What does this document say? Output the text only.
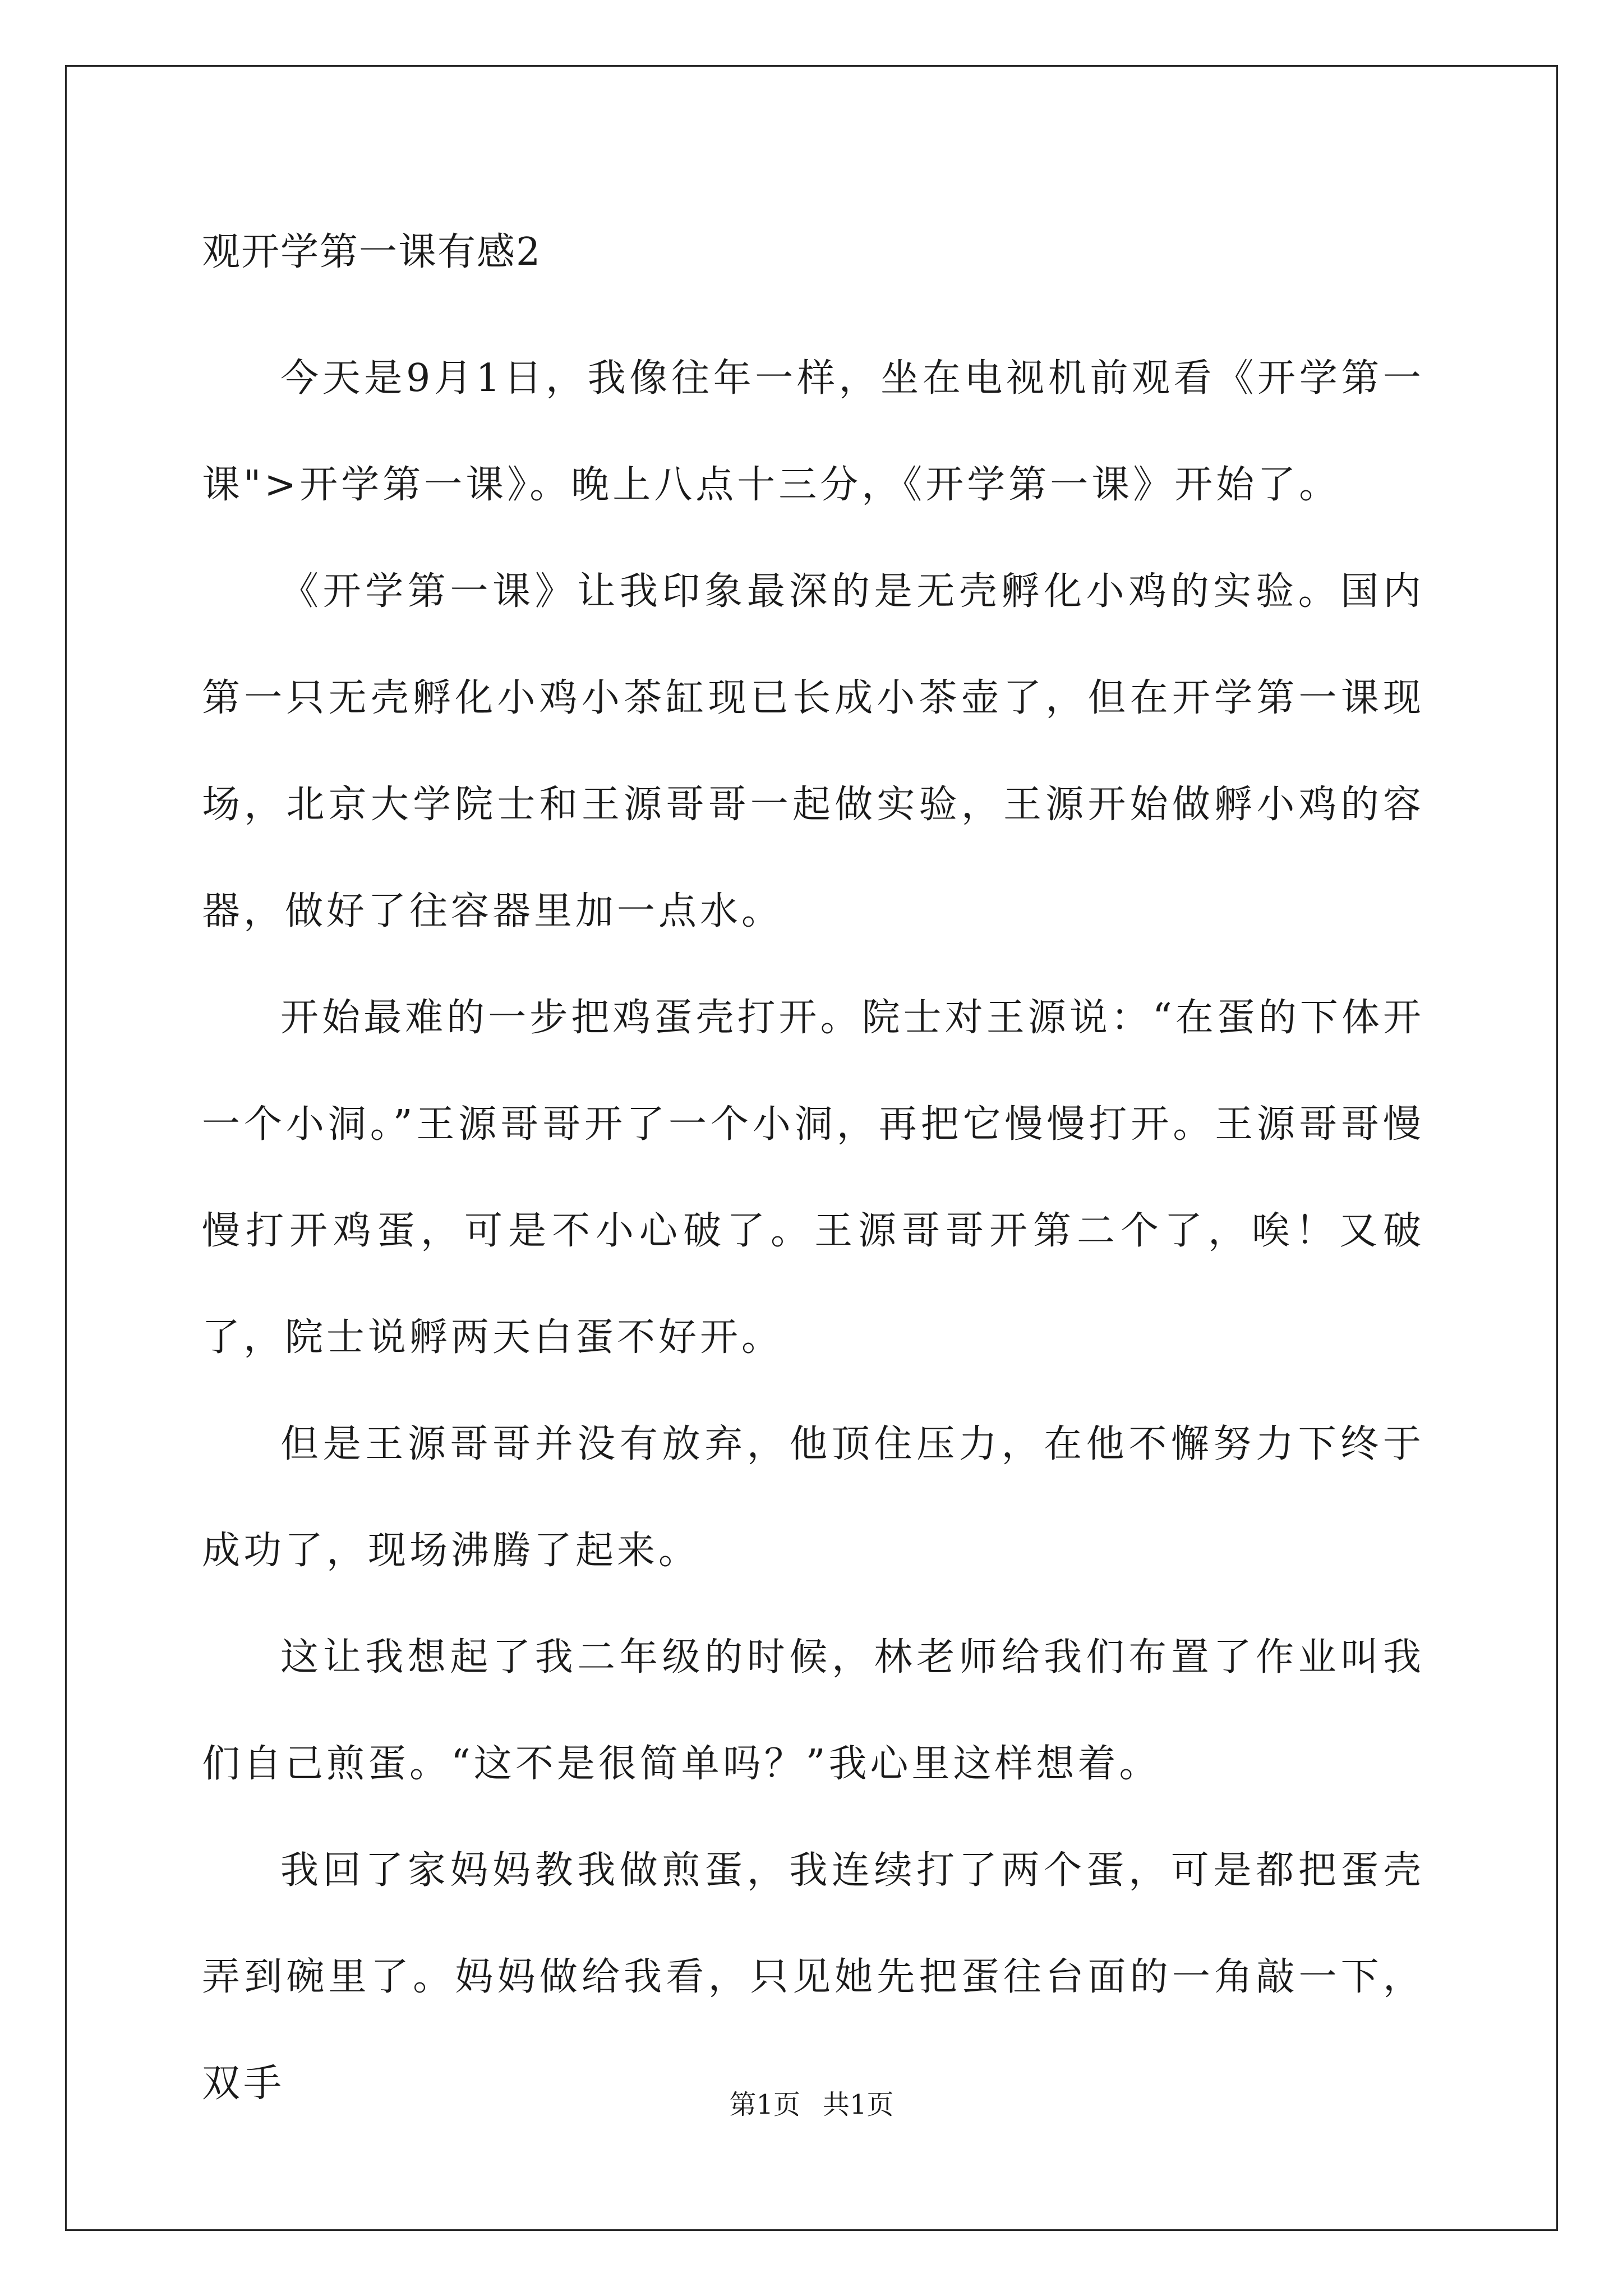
观开学第一课有感2

今天是9月1日，我像往年一样，坐在电视机前观看《开学第一课">开学第一课》。晚上八点十三分，《开学第一课》开始了。

《开学第一课》让我印象最深的是无壳孵化小鸡的实验。国内第一只无壳孵化小鸡小茶缸现已长成小茶壶了，但在开学第一课现场，北京大学院士和王源哥哥一起做实验，王源开始做孵小鸡的容器，做好了往容器里加一点水。

开始最难的一步把鸡蛋壳打开。院士对王源说：“在蛋的下体开一个小洞。”王源哥哥开了一个小洞，再把它慢慢打开。王源哥哥慢慢打开鸡蛋，可是不小心破了。王源哥哥开第二个了，唉！又破了，院士说孵两天白蛋不好开。

但是王源哥哥并没有放弃，他顶住压力，在他不懈努力下终于成功了，现场沸腾了起来。

这让我想起了我二年级的时候，林老师给我们布置了作业叫我们自己煎蛋。“这不是很简单吗？”我心里这样想着。

我回了家妈妈教我做煎蛋，我连续打了两个蛋，可是都把蛋壳弄到碗里了。妈妈做给我看，只见她先把蛋往台面的一角敲一下，双手	第1页 共1页
